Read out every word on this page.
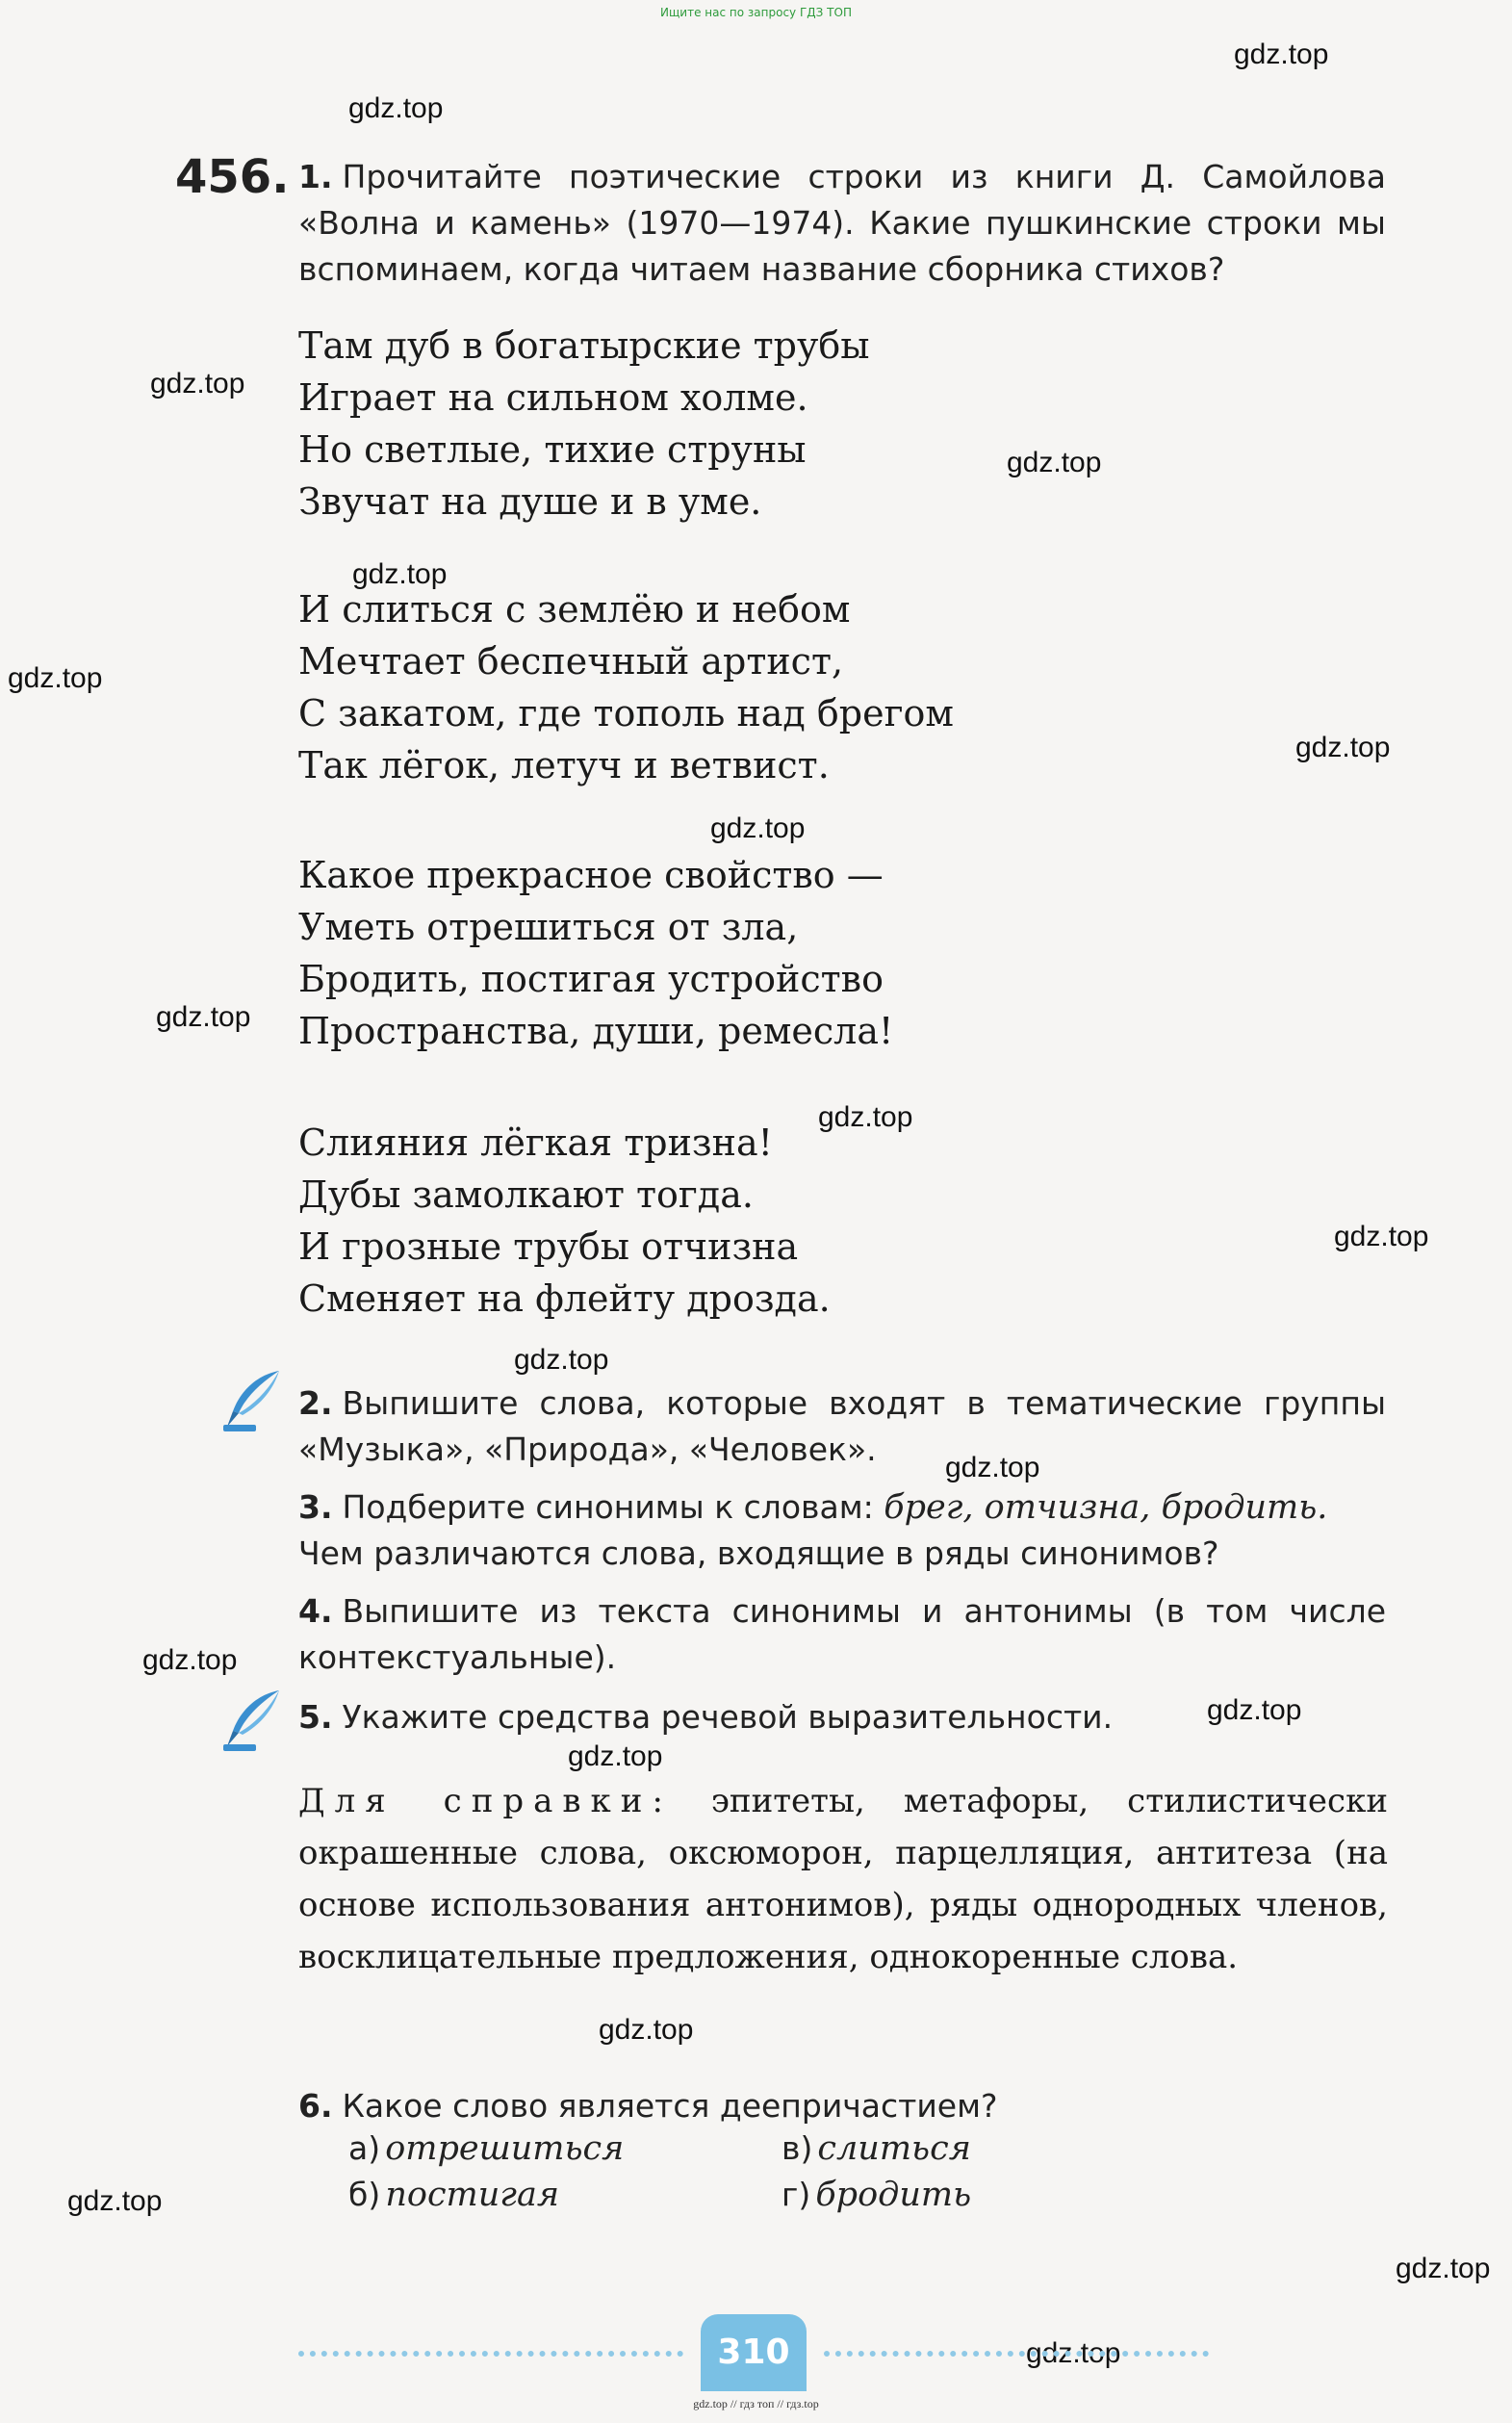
Ищите нас по запросу ГДЗ ТОП
gdz.top
gdz.top
gdz.top
gdz.top
gdz.top
gdz.top
gdz.top
gdz.top
gdz.top
gdz.top
gdz.top
gdz.top
gdz.top
gdz.top
gdz.top
gdz.top
gdz.top
gdz.top
gdz.top
gdz.top
456. 1. Прочитайте поэтические строки из книги Д. Самойлова «Волна и камень» (1970—1974). Какие пушкинские строки мы вспоминаем, когда читаем название сборника стихов?
Там дуб в богатырские трубы
Играет на сильном холме.
Но светлые, тихие струны
Звучат на душе и в уме.
И слиться с землёю и небом
Мечтает беспечный артист,
С закатом, где тополь над брегом
Так лёгок, летуч и ветвист.
Какое прекрасное свойство —
Уметь отрешиться от зла,
Бродить, постигая устройство
Пространства, души, ремесла!
Слияния лёгкая тризна!
Дубы замолкают тогда.
И грозные трубы отчизна
Сменяет на флейту дрозда.
2. Выпишите слова, которые входят в тематические группы «Музыка», «Природа», «Человек».
3. Подберите синонимы к словам: брег, отчизна, бродить.
Чем различаются слова, входящие в ряды синонимов?
4. Выпишите из текста синонимы и антонимы (в том числе контекстуальные).
5. Укажите средства речевой выразительности.
Для справки: эпитеты, метафоры, стилистически окрашенные слова, оксюморон, парцелляция, антитеза (на основе использования антонимов), ряды однородных членов, восклицательные предложения, однокоренные слова.
6. Какое слово является деепричастием?
а) отрешиться	в) слиться
б) постигая	г) бродить
310
gdz.top // гдз топ // гдз.top
